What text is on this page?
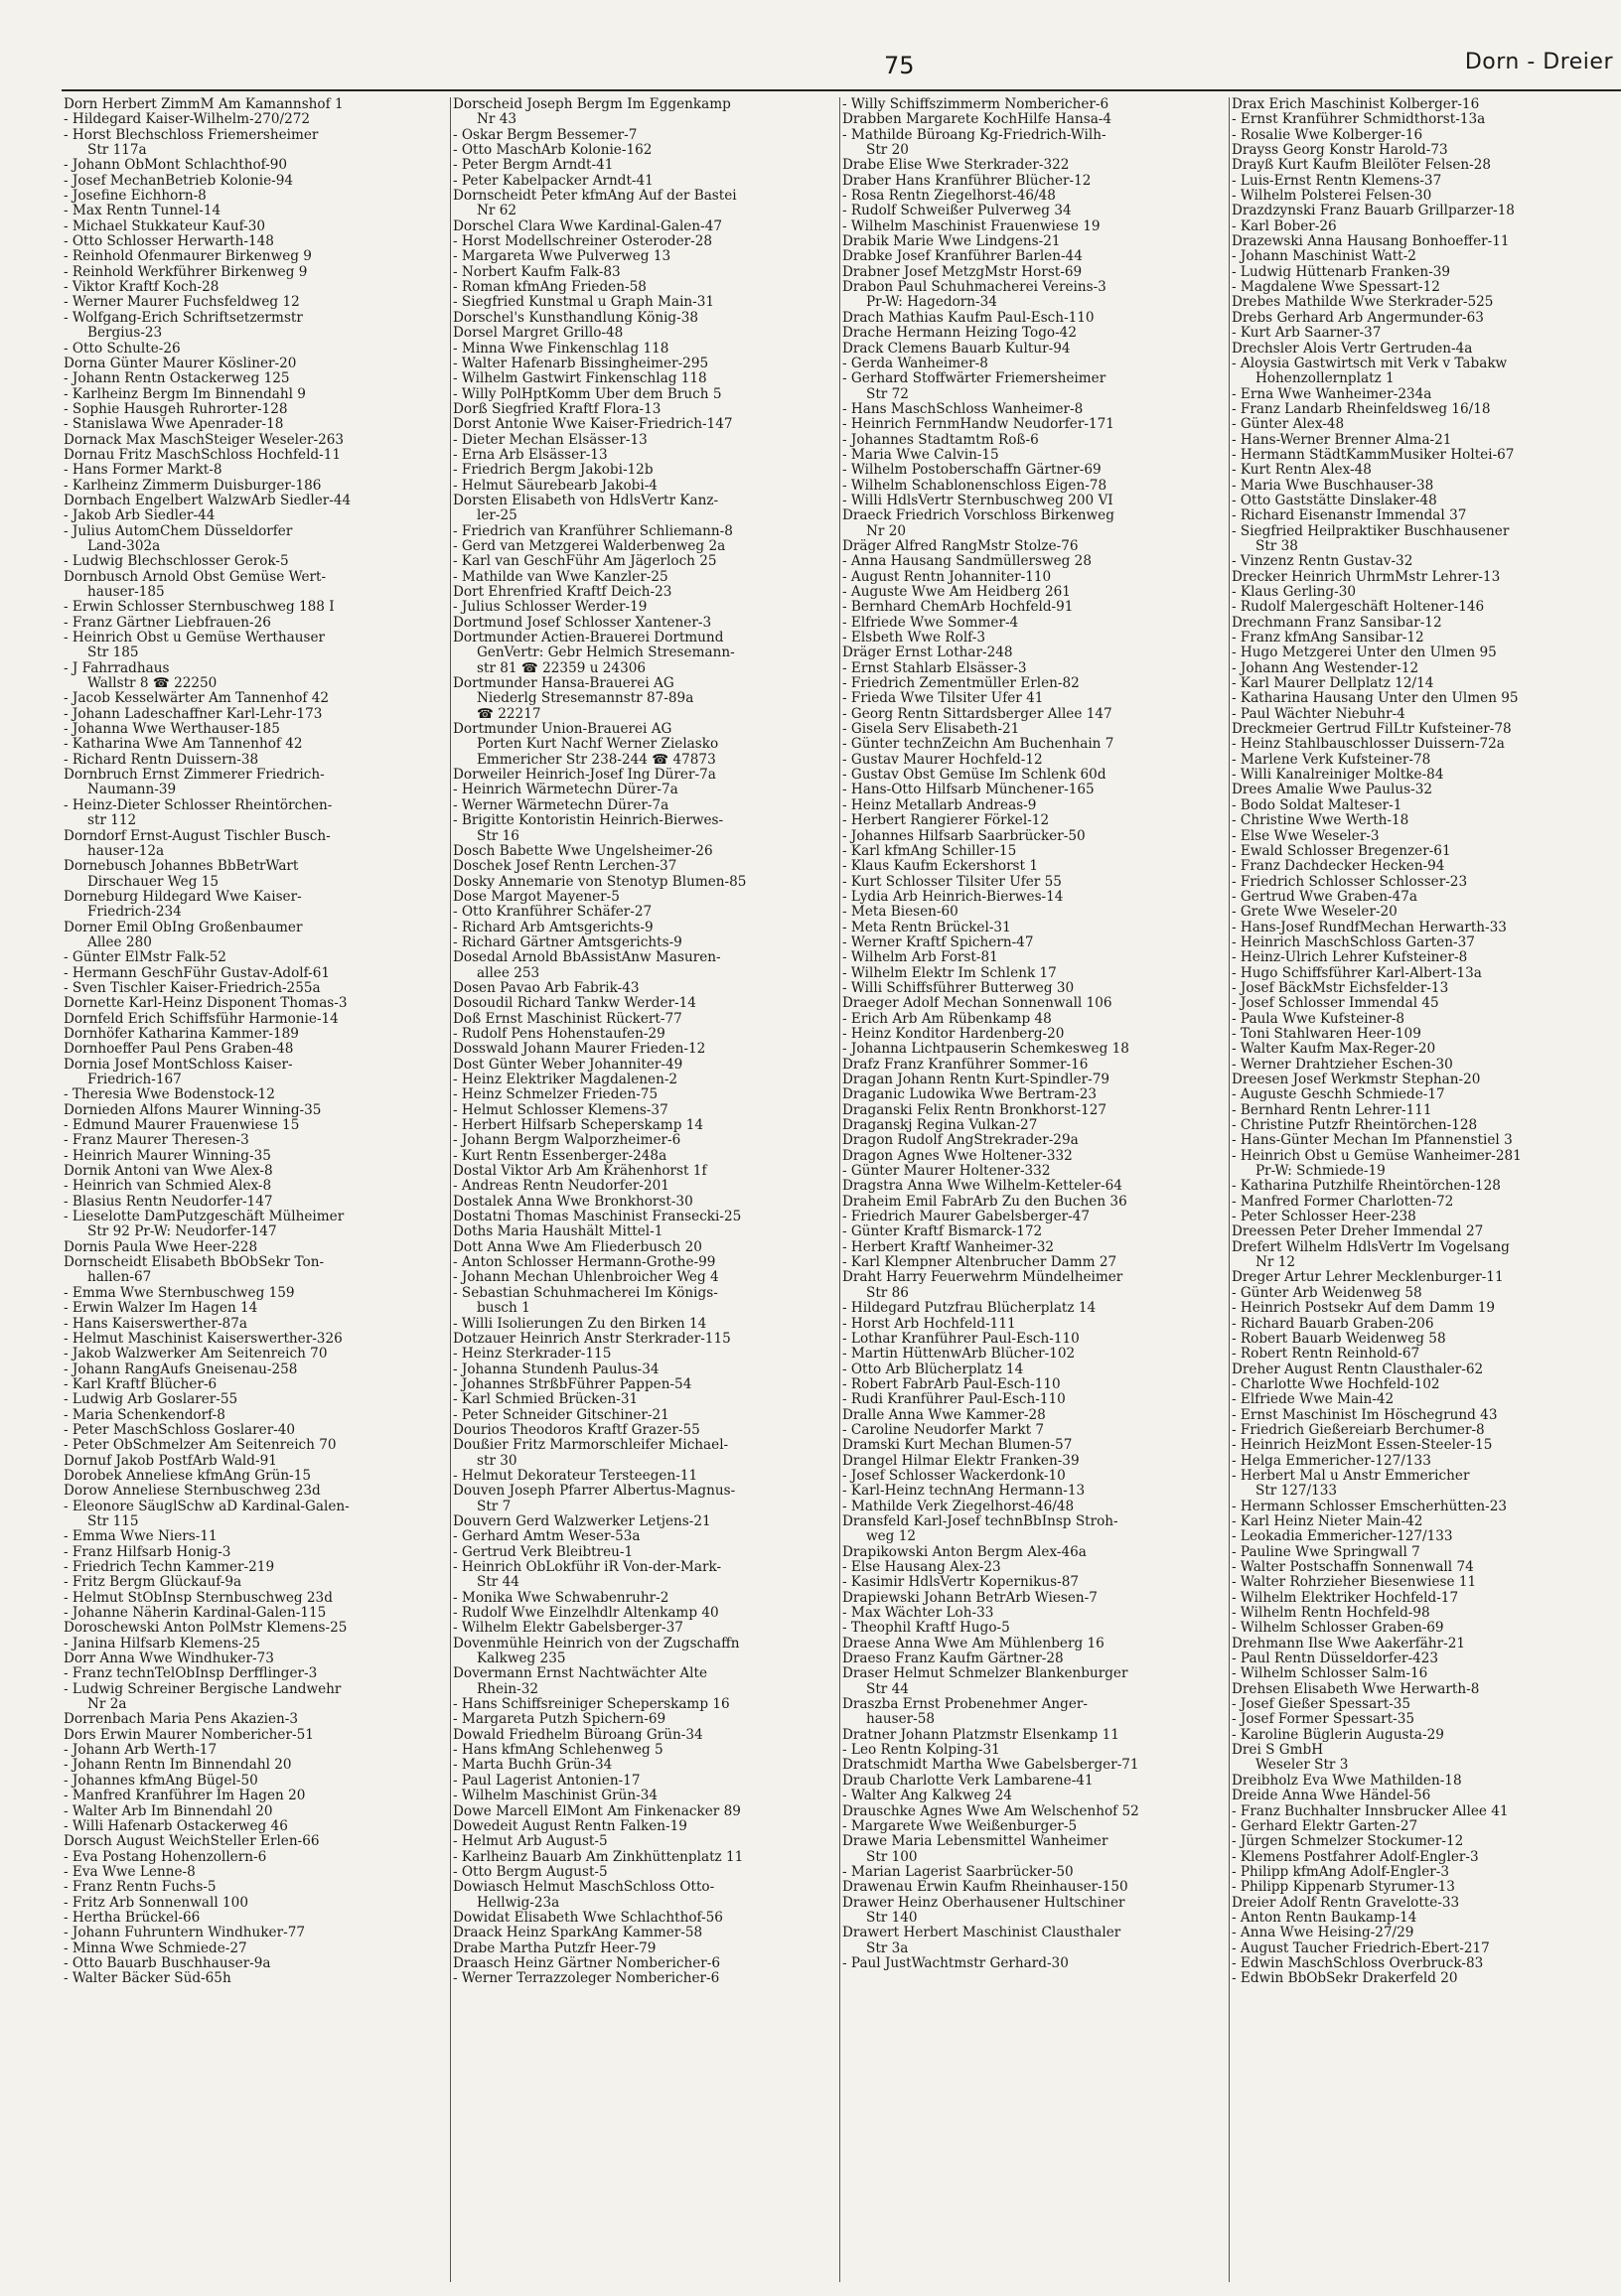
75	Dorn - Dreier
Dorn Herbert ZimmM Am Kamannshof 1
- Hildegard Kaiser-Wilhelm-270/272
- Horst Blechschloss Friemersheimer
Str 117a
- Johann ObMont Schlachthof-90
- Josef MechanBetrieb Kolonie-94
- Josefine Eichhorn-8
- Max Rentn Tunnel-14
- Michael Stukkateur Kauf-30
- Otto Schlosser Herwarth-148
- Reinhold Ofenmaurer Birkenweg 9
- Reinhold Werkführer Birkenweg 9
- Viktor Kraftf Koch-28
- Werner Maurer Fuchsfeldweg 12
- Wolfgang-Erich Schriftsetzermstr
Bergius-23
- Otto Schulte-26
Dorna Günter Maurer Kösliner-20
- Johann Rentn Ostackerweg 125
- Karlheinz Bergm Im Binnendahl 9
- Sophie Hausgeh Ruhrorter-128
- Stanislawa Wwe Apenrader-18
Dornack Max MaschSteiger Weseler-263
Dornau Fritz MaschSchloss Hochfeld-11
- Hans Former Markt-8
- Karlheinz Zimmerm Duisburger-186
Dornbach Engelbert WalzwArb Siedler-44
- Jakob Arb Siedler-44
- Julius AutomChem Düsseldorfer
Land-302a
- Ludwig Blechschlosser Gerok-5
Dornbusch Arnold Obst Gemüse Wert-
hauser-185
- Erwin Schlosser Sternbuschweg 188 I
- Franz Gärtner Liebfrauen-26
- Heinrich Obst u Gemüse Werthauser
Str 185
- J Fahrradhaus
Wallstr 8 ☎ 22250
- Jacob Kesselwärter Am Tannenhof 42
- Johann Ladeschaffner Karl-Lehr-173
- Johanna Wwe Werthauser-185
- Katharina Wwe Am Tannenhof 42
- Richard Rentn Duissern-38
Dornbruch Ernst Zimmerer Friedrich-
Naumann-39
- Heinz-Dieter Schlosser Rheintörchen-
str 112
Dorndorf Ernst-August Tischler Busch-
hauser-12a
Dornebusch Johannes BbBetrWart
Dirschauer Weg 15
Dorneburg Hildegard Wwe Kaiser-
Friedrich-234
Dorner Emil ObIng Großenbaumer
Allee 280
- Günter ElMstr Falk-52
- Hermann GeschFühr Gustav-Adolf-61
- Sven Tischler Kaiser-Friedrich-255a
Dornette Karl-Heinz Disponent Thomas-3
Dornfeld Erich Schiffsführ Harmonie-14
Dornhöfer Katharina Kammer-189
Dornhoeffer Paul Pens Graben-48
Dornia Josef MontSchloss Kaiser-
Friedrich-167
- Theresia Wwe Bodenstock-12
Dornieden Alfons Maurer Winning-35
- Edmund Maurer Frauenwiese 15
- Franz Maurer Theresen-3
- Heinrich Maurer Winning-35
Dornik Antoni van Wwe Alex-8
- Heinrich van Schmied Alex-8
- Blasius Rentn Neudorfer-147
- Lieselotte DamPutzgeschäft Mülheimer
Str 92 Pr-W: Neudorfer-147
Dornis Paula Wwe Heer-228
Dornscheidt Elisabeth BbObSekr Ton-
hallen-67
- Emma Wwe Sternbuschweg 159
- Erwin Walzer Im Hagen 14
- Hans Kaiserswerther-87a
- Helmut Maschinist Kaiserswerther-326
- Jakob Walzwerker Am Seitenreich 70
- Johann RangAufs Gneisenau-258
- Karl Kraftf Blücher-6
- Ludwig Arb Goslarer-55
- Maria Schenkendorf-8
- Peter MaschSchloss Goslarer-40
- Peter ObSchmelzer Am Seitenreich 70
Dornuf Jakob PostfArb Wald-91
Dorobek Anneliese kfmAng Grün-15
Dorow Anneliese Sternbuschweg 23d
- Eleonore SäuglSchw aD Kardinal-Galen-
Str 115
- Emma Wwe Niers-11
- Franz Hilfsarb Honig-3
- Friedrich Techn Kammer-219
- Fritz Bergm Glückauf-9a
- Helmut StObInsp Sternbuschweg 23d
- Johanne Näherin Kardinal-Galen-115
Doroschewski Anton PolMstr Klemens-25
- Janina Hilfsarb Klemens-25
Dorr Anna Wwe Windhuker-73
- Franz technTelObInsp Derfflinger-3
- Ludwig Schreiner Bergische Landwehr
Nr 2a
Dorrenbach Maria Pens Akazien-3
Dors Erwin Maurer Nombericher-51
- Johann Arb Werth-17
- Johann Rentn Im Binnendahl 20
- Johannes kfmAng Bügel-50
- Manfred Kranführer Im Hagen 20
- Walter Arb Im Binnendahl 20
- Willi Hafenarb Ostackerweg 46
Dorsch August WeichSteller Erlen-66
- Eva Postang Hohenzollern-6
- Eva Wwe Lenne-8
- Franz Rentn Fuchs-5
- Fritz Arb Sonnenwall 100
- Hertha Brückel-66
- Johann Fuhruntern Windhuker-77
- Minna Wwe Schmiede-27
- Otto Bauarb Buschhauser-9a
- Walter Bäcker Süd-65h
Dorscheid Joseph Bergm Im Eggenkamp
Nr 43
- Oskar Bergm Bessemer-7
- Otto MaschArb Kolonie-162
- Peter Bergm Arndt-41
- Peter Kabelpacker Arndt-41
Dornscheidt Peter kfmAng Auf der Bastei
Nr 62
Dorschel Clara Wwe Kardinal-Galen-47
- Horst Modellschreiner Osteroder-28
- Margareta Wwe Pulverweg 13
- Norbert Kaufm Falk-83
- Roman kfmAng Frieden-58
- Siegfried Kunstmal u Graph Main-31
Dorschel's Kunsthandlung König-38
Dorsel Margret Grillo-48
- Minna Wwe Finkenschlag 118
- Walter Hafenarb Bissingheimer-295
- Wilhelm Gastwirt Finkenschlag 118
- Willy PolHptKomm Über dem Bruch 5
Dorß Siegfried Kraftf Flora-13
Dorst Antonie Wwe Kaiser-Friedrich-147
- Dieter Mechan Elsässer-13
- Erna Arb Elsässer-13
- Friedrich Bergm Jakobi-12b
- Helmut Säurebearb Jakobi-4
Dorsten Elisabeth von HdlsVertr Kanz-
ler-25
- Friedrich van Kranführer Schliemann-8
- Gerd van Metzgerei Walderbenweg 2a
- Karl van GeschFühr Am Jägerloch 25
- Mathilde van Wwe Kanzler-25
Dort Ehrenfried Kraftf Deich-23
- Julius Schlosser Werder-19
Dortmund Josef Schlosser Xantener-3
Dortmunder Actien-Brauerei Dortmund
GenVertr: Gebr Helmich Stresemann-
str 81 ☎ 22359 u 24306
Dortmunder Hansa-Brauerei AG
Niederlg Stresemannstr 87-89a
☎ 22217
Dortmunder Union-Brauerei AG
Porten Kurt Nachf Werner Zielasko
Emmericher Str 238-244 ☎ 47873
Dorweiler Heinrich-Josef Ing Dürer-7a
- Heinrich Wärmetechn Dürer-7a
- Werner Wärmetechn Dürer-7a
- Brigitte Kontoristin Heinrich-Bierwes-
Str 16
Dosch Babette Wwe Ungelsheimer-26
Doschek Josef Rentn Lerchen-37
Dosky Annemarie von Stenotyp Blumen-85
Dose Margot Mayener-5
- Otto Kranführer Schäfer-27
- Richard Arb Amtsgerichts-9
- Richard Gärtner Amtsgerichts-9
Dosedal Arnold BbAssistAnw Masuren-
allee 253
Dosen Pavao Arb Fabrik-43
Dosoudil Richard Tankw Werder-14
Doß Ernst Maschinist Rückert-77
- Rudolf Pens Hohenstaufen-29
Dosswald Johann Maurer Frieden-12
Dost Günter Weber Johanniter-49
- Heinz Elektriker Magdalenen-2
- Heinz Schmelzer Frieden-75
- Helmut Schlosser Klemens-37
- Herbert Hilfsarb Scheperskamp 14
- Johann Bergm Walporzheimer-6
- Kurt Rentn Essenberger-248a
Dostal Viktor Arb Am Krähenhorst 1f
- Andreas Rentn Neudorfer-201
Dostalek Anna Wwe Bronkhorst-30
Dostatni Thomas Maschinist Fransecki-25
Doths Maria Haushält Mittel-1
Dott Anna Wwe Am Fliederbusch 20
- Anton Schlosser Hermann-Grothe-99
- Johann Mechan Uhlenbroicher Weg 4
- Sebastian Schuhmacherei Im Königs-
busch 1
- Willi Isolierungen Zu den Birken 14
Dotzauer Heinrich Anstr Sterkrader-115
- Heinz Sterkrader-115
- Johanna Stundenh Paulus-34
- Johannes StrßbFührer Pappen-54
- Karl Schmied Brücken-31
- Peter Schneider Gitschiner-21
Dourios Theodoros Kraftf Grazer-55
Doußier Fritz Marmorschleifer Michael-
str 30
- Helmut Dekorateur Tersteegen-11
Douven Joseph Pfarrer Albertus-Magnus-
Str 7
Douvern Gerd Walzwerker Letjens-21
- Gerhard Amtm Weser-53a
- Gertrud Verk Bleibtreu-1
- Heinrich ObLokführ iR Von-der-Mark-
Str 44
- Monika Wwe Schwabenruhr-2
- Rudolf Wwe Einzelhdlr Altenkamp 40
- Wilhelm Elektr Gabelsberger-37
Dovenmühle Heinrich von der Zugschaffn
Kalkweg 235
Dovermann Ernst Nachtwächter Alte
Rhein-32
- Hans Schiffsreiniger Scheperskamp 16
- Margareta Putzh Spichern-69
Dowald Friedhelm Büroang Grün-34
- Hans kfmAng Schlehenweg 5
- Marta Buchh Grün-34
- Paul Lagerist Antonien-17
- Wilhelm Maschinist Grün-34
Dowe Marcell ElMont Am Finkenacker 89
Dowedeit August Rentn Falken-19
- Helmut Arb August-5
- Karlheinz Bauarb Am Zinkhüttenplatz 11
- Otto Bergm August-5
Dowiasch Helmut MaschSchloss Otto-
Hellwig-23a
Dowidat Elisabeth Wwe Schlachthof-56
Draack Heinz SparkAng Kammer-58
Drabe Martha Putzfr Heer-79
Draasch Heinz Gärtner Nombericher-6
- Werner Terrazzoleger Nombericher-6
- Willy Schiffszimmerm Nombericher-6
Drabben Margarete KochHilfe Hansa-4
- Mathilde Büroang Kg-Friedrich-Wilh-
Str 20
Drabe Elise Wwe Sterkrader-322
Draber Hans Kranführer Blücher-12
- Rosa Rentn Ziegelhorst-46/48
- Rudolf Schweißer Pulverweg 34
- Wilhelm Maschinist Frauenwiese 19
Drabik Marie Wwe Lindgens-21
Drabke Josef Kranführer Barlen-44
Drabner Josef MetzgMstr Horst-69
Drabon Paul Schuhmacherei Vereins-3
Pr-W: Hagedorn-34
Drach Mathias Kaufm Paul-Esch-110
Drache Hermann Heizing Togo-42
Drack Clemens Bauarb Kultur-94
- Gerda Wanheimer-8
- Gerhard Stoffwärter Friemersheimer
Str 72
- Hans MaschSchloss Wanheimer-8
- Heinrich FernmHandw Neudorfer-171
- Johannes Stadtamtm Roß-6
- Maria Wwe Calvin-15
- Wilhelm Postoberschaffn Gärtner-69
- Wilhelm Schablonenschloss Eigen-78
- Willi HdlsVertr Sternbuschweg 200 VI
Draeck Friedrich Vorschloss Birkenweg
Nr 20
Dräger Alfred RangMstr Stolze-76
- Anna Hausang Sandmüllersweg 28
- August Rentn Johanniter-110
- Auguste Wwe Am Heidberg 261
- Bernhard ChemArb Hochfeld-91
- Elfriede Wwe Sommer-4
- Elsbeth Wwe Rolf-3
Dräger Ernst Lothar-248
- Ernst Stahlarb Elsässer-3
- Friedrich Zementmüller Erlen-82
- Frieda Wwe Tilsiter Ufer 41
- Georg Rentn Sittardsberger Allee 147
- Gisela Serv Elisabeth-21
- Günter technZeichn Am Buchenhain 7
- Gustav Maurer Hochfeld-12
- Gustav Obst Gemüse Im Schlenk 60d
- Hans-Otto Hilfsarb Münchener-165
- Heinz Metallarb Andreas-9
- Herbert Rangierer Förkel-12
- Johannes Hilfsarb Saarbrücker-50
- Karl kfmAng Schiller-15
- Klaus Kaufm Eckershorst 1
- Kurt Schlosser Tilsiter Ufer 55
- Lydia Arb Heinrich-Bierwes-14
- Meta Biesen-60
- Meta Rentn Brückel-31
- Werner Kraftf Spichern-47
- Wilhelm Arb Forst-81
- Wilhelm Elektr Im Schlenk 17
- Willi Schiffsführer Butterweg 30
Draeger Adolf Mechan Sonnenwall 106
- Erich Arb Am Rübenkamp 48
- Heinz Konditor Hardenberg-20
- Johanna Lichtpauserin Schemkesweg 18
Drafz Franz Kranführer Sommer-16
Dragan Johann Rentn Kurt-Spindler-79
Draganic Ludowika Wwe Bertram-23
Draganski Felix Rentn Bronkhorst-127
Draganskj Regina Vulkan-27
Dragon Rudolf AngStrekrader-29a
Dragon Agnes Wwe Holtener-332
- Günter Maurer Holtener-332
Dragstra Anna Wwe Wilhelm-Ketteler-64
Draheim Emil FabrArb Zu den Buchen 36
- Friedrich Maurer Gabelsberger-47
- Günter Kraftf Bismarck-172
- Herbert Kraftf Wanheimer-32
- Karl Klempner Altenbrucher Damm 27
Draht Harry Feuerwehrm Mündelheimer
Str 86
- Hildegard Putzfrau Blücherplatz 14
- Horst Arb Hochfeld-111
- Lothar Kranführer Paul-Esch-110
- Martin HüttenwArb Blücher-102
- Otto Arb Blücherplatz 14
- Robert FabrArb Paul-Esch-110
- Rudi Kranführer Paul-Esch-110
Dralle Anna Wwe Kammer-28
- Caroline Neudorfer Markt 7
Dramski Kurt Mechan Blumen-57
Drangel Hilmar Elektr Franken-39
- Josef Schlosser Wackerdonk-10
- Karl-Heinz technAng Hermann-13
- Mathilde Verk Ziegelhorst-46/48
Dransfeld Karl-Josef technBbInsp Stroh-
weg 12
Drapikowski Anton Bergm Alex-46a
- Else Hausang Alex-23
- Kasimir HdlsVertr Kopernikus-87
Drapiewski Johann BetrArb Wiesen-7
- Max Wächter Loh-33
- Theophil Kraftf Hugo-5
Draese Anna Wwe Am Mühlenberg 16
Draeso Franz Kaufm Gärtner-28
Draser Helmut Schmelzer Blankenburger
Str 44
Draszba Ernst Probenehmer Anger-
hauser-58
Dratner Johann Platzmstr Elsenkamp 11
- Leo Rentn Kolping-31
Dratschmidt Martha Wwe Gabelsberger-71
Draub Charlotte Verk Lambarene-41
- Walter Ang Kalkweg 24
Drauschke Agnes Wwe Am Welschenhof 52
- Margarete Wwe Weißenburger-5
Drawe Maria Lebensmittel Wanheimer
Str 100
- Marian Lagerist Saarbrücker-50
Drawenau Erwin Kaufm Rheinhauser-150
Drawer Heinz Oberhausener Hultschiner
Str 140
Drawert Herbert Maschinist Clausthaler
Str 3a
- Paul JustWachtmstr Gerhard-30
Drax Erich Maschinist Kolberger-16
- Ernst Kranführer Schmidthorst-13a
- Rosalie Wwe Kolberger-16
Drayss Georg Konstr Harold-73
Drayß Kurt Kaufm Bleilöter Felsen-28
- Luis-Ernst Rentn Klemens-37
- Wilhelm Polsterei Felsen-30
Drazdzynski Franz Bauarb Grillparzer-18
- Karl Bober-26
Drazewski Anna Hausang Bonhoeffer-11
- Johann Maschinist Watt-2
- Ludwig Hüttenarb Franken-39
- Magdalene Wwe Spessart-12
Drebes Mathilde Wwe Sterkrader-525
Drebs Gerhard Arb Angermunder-63
- Kurt Arb Saarner-37
Drechsler Alois Vertr Gertruden-4a
- Aloysia Gastwirtsch mit Verk v Tabakw
Hohenzollernplatz 1
- Erna Wwe Wanheimer-234a
- Franz Landarb Rheinfeldsweg 16/18
- Günter Alex-48
- Hans-Werner Brenner Alma-21
- Hermann StädtKammMusiker Holtei-67
- Kurt Rentn Alex-48
- Maria Wwe Buschhauser-38
- Otto Gaststätte Dinslaker-48
- Richard Eisenanstr Immendal 37
- Siegfried Heilpraktiker Buschhausener
Str 38
- Vinzenz Rentn Gustav-32
Drecker Heinrich UhrmMstr Lehrer-13
- Klaus Gerling-30
- Rudolf Malergeschäft Holtener-146
Drechmann Franz Sansibar-12
- Franz kfmAng Sansibar-12
- Hugo Metzgerei Unter den Ulmen 95
- Johann Ang Westender-12
- Karl Maurer Dellplatz 12/14
- Katharina Hausang Unter den Ulmen 95
- Paul Wächter Niebuhr-4
Dreckmeier Gertrud FilLtr Kufsteiner-78
- Heinz Stahlbauschlosser Duissern-72a
- Marlene Verk Kufsteiner-78
- Willi Kanalreiniger Moltke-84
Drees Amalie Wwe Paulus-32
- Bodo Soldat Malteser-1
- Christine Wwe Werth-18
- Else Wwe Weseler-3
- Ewald Schlosser Bregenzer-61
- Franz Dachdecker Hecken-94
- Friedrich Schlosser Schlosser-23
- Gertrud Wwe Graben-47a
- Grete Wwe Weseler-20
- Hans-Josef RundfMechan Herwarth-33
- Heinrich MaschSchloss Garten-37
- Heinz-Ulrich Lehrer Kufsteiner-8
- Hugo Schiffsführer Karl-Albert-13a
- Josef BäckMstr Eichsfelder-13
- Josef Schlosser Immendal 45
- Paula Wwe Kufsteiner-8
- Toni Stahlwaren Heer-109
- Walter Kaufm Max-Reger-20
- Werner Drahtzieher Eschen-30
Dreesen Josef Werkmstr Stephan-20
- Auguste Geschh Schmiede-17
- Bernhard Rentn Lehrer-111
- Christine Putzfr Rheintörchen-128
- Hans-Günter Mechan Im Pfannenstiel 3
- Heinrich Obst u Gemüse Wanheimer-281
Pr-W: Schmiede-19
- Katharina Putzhilfe Rheintörchen-128
- Manfred Former Charlotten-72
- Peter Schlosser Heer-238
Dreessen Peter Dreher Immendal 27
Drefert Wilhelm HdlsVertr Im Vogelsang
Nr 12
Dreger Artur Lehrer Mecklenburger-11
- Günter Arb Weidenweg 58
- Heinrich Postsekr Auf dem Damm 19
- Richard Bauarb Graben-206
- Robert Bauarb Weidenweg 58
- Robert Rentn Reinhold-67
Dreher August Rentn Clausthaler-62
- Charlotte Wwe Hochfeld-102
- Elfriede Wwe Main-42
- Ernst Maschinist Im Höschegrund 43
- Friedrich Gießereiarb Berchumer-8
- Heinrich HeizMont Essen-Steeler-15
- Helga Emmericher-127/133
- Herbert Mal u Anstr Emmericher
Str 127/133
- Hermann Schlosser Emscherhütten-23
- Karl Heinz Nieter Main-42
- Leokadia Emmericher-127/133
- Pauline Wwe Springwall 7
- Walter Postschaffn Sonnenwall 74
- Walter Rohrzieher Biesenwiese 11
- Wilhelm Elektriker Hochfeld-17
- Wilhelm Rentn Hochfeld-98
- Wilhelm Schlosser Graben-69
Drehmann Ilse Wwe Aakerfähr-21
- Paul Rentn Düsseldorfer-423
- Wilhelm Schlosser Salm-16
Drehsen Elisabeth Wwe Herwarth-8
- Josef Gießer Spessart-35
- Josef Former Spessart-35
- Karoline Büglerin Augusta-29
Drei S GmbH
Weseler Str 3
Dreibholz Eva Wwe Mathilden-18
Dreide Anna Wwe Händel-56
- Franz Buchhalter Innsbrucker Allee 41
- Gerhard Elektr Garten-27
- Jürgen Schmelzer Stockumer-12
- Klemens Postfahrer Adolf-Engler-3
- Philipp kfmAng Adolf-Engler-3
- Philipp Kippenarb Styrumer-13
Dreier Adolf Rentn Gravelotte-33
- Anton Rentn Baukamp-14
- Anna Wwe Heising-27/29
- August Taucher Friedrich-Ebert-217
- Edwin MaschSchloss Overbruck-83
- Edwin BbObSekr Drakerfeld 20
